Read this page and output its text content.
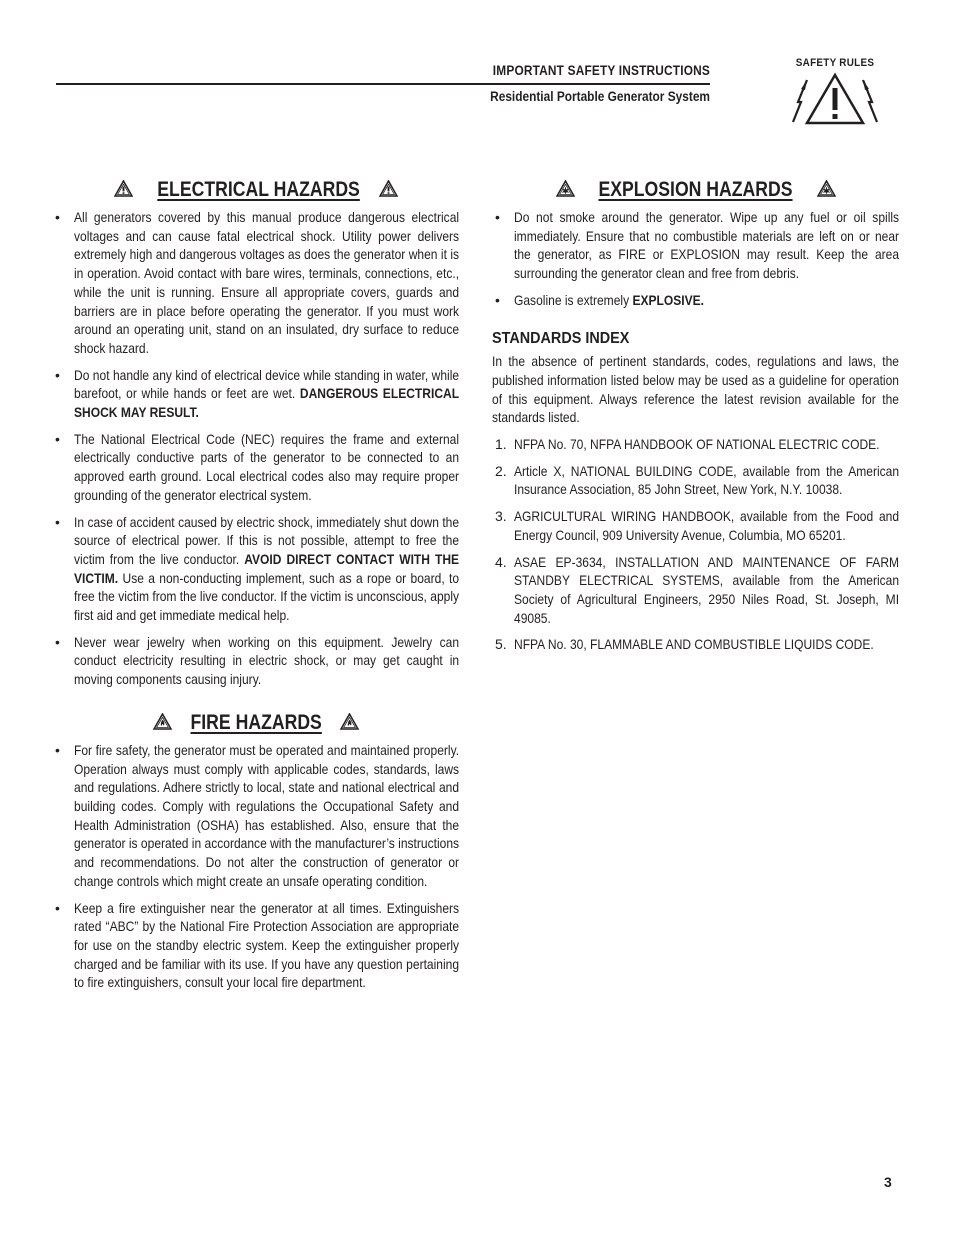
IMPORTANT SAFETY INSTRUCTIONS
Residential Portable Generator System
SAFETY RULES
ELECTRICAL HAZARDS
• All generators covered by this manual produce dangerous electrical voltages and can cause fatal electrical shock. Utility power delivers extremely high and dangerous voltages as does the generator when it is in operation. Avoid contact with bare wires, terminals, connections, etc., while the unit is running. Ensure all appropriate covers, guards and barriers are in place before operating the generator. If you must work around an operating unit, stand on an insulated, dry surface to reduce shock hazard.
• Do not handle any kind of electrical device while standing in water, while barefoot, or while hands or feet are wet. DANGEROUS ELECTRICAL SHOCK MAY RESULT.
• The National Electrical Code (NEC) requires the frame and external electrically conductive parts of the generator to be connected to an approved earth ground. Local electrical codes also may require proper grounding of the generator electrical system.
• In case of accident caused by electric shock, immediately shut down the source of electrical power. If this is not possible, attempt to free the victim from the live conductor. AVOID DIRECT CONTACT WITH THE VICTIM. Use a non-conducting implement, such as a rope or board, to free the victim from the live conductor. If the victim is unconscious, apply first aid and get immediate medical help.
• Never wear jewelry when working on this equipment. Jewelry can conduct electricity resulting in electric shock, or may get caught in moving components causing injury.
FIRE HAZARDS
• For fire safety, the generator must be operated and maintained properly. Operation always must comply with applicable codes, standards, laws and regulations. Adhere strictly to local, state and national electrical and building codes. Comply with regulations the Occupational Safety and Health Administration (OSHA) has established. Also, ensure that the generator is operated in accordance with the manufacturer’s instructions and recommendations. Do not alter the construction of generator or change controls which might create an unsafe operating condition.
• Keep a fire extinguisher near the generator at all times. Extinguishers rated “ABC” by the National Fire Protection Association are appropriate for use on the standby electric system. Keep the extinguisher properly charged and be familiar with its use. If you have any question pertaining to fire extinguishers, consult your local fire department.
EXPLOSION HAZARDS
• Do not smoke around the generator. Wipe up any fuel or oil spills immediately. Ensure that no combustible materials are left on or near the generator, as FIRE or EXPLOSION may result. Keep the area surrounding the generator clean and free from debris.
• Gasoline is extremely EXPLOSIVE.
STANDARDS INDEX
In the absence of pertinent standards, codes, regulations and laws, the published information listed below may be used as a guideline for operation of this equipment. Always reference the latest revision available for the standards listed.
1. NFPA No. 70, NFPA HANDBOOK OF NATIONAL ELECTRIC CODE.
2. Article X, NATIONAL BUILDING CODE, available from the American Insurance Association, 85 John Street, New York, N.Y. 10038.
3. AGRICULTURAL WIRING HANDBOOK, available from the Food and Energy Council, 909 University Avenue, Columbia, MO 65201.
4. ASAE EP-3634, INSTALLATION AND MAINTENANCE OF FARM STANDBY ELECTRICAL SYSTEMS, available from the American Society of Agricultural Engineers, 2950 Niles Road, St. Joseph, MI 49085.
5. NFPA No. 30, FLAMMABLE AND COMBUSTIBLE LIQUIDS CODE.
3
